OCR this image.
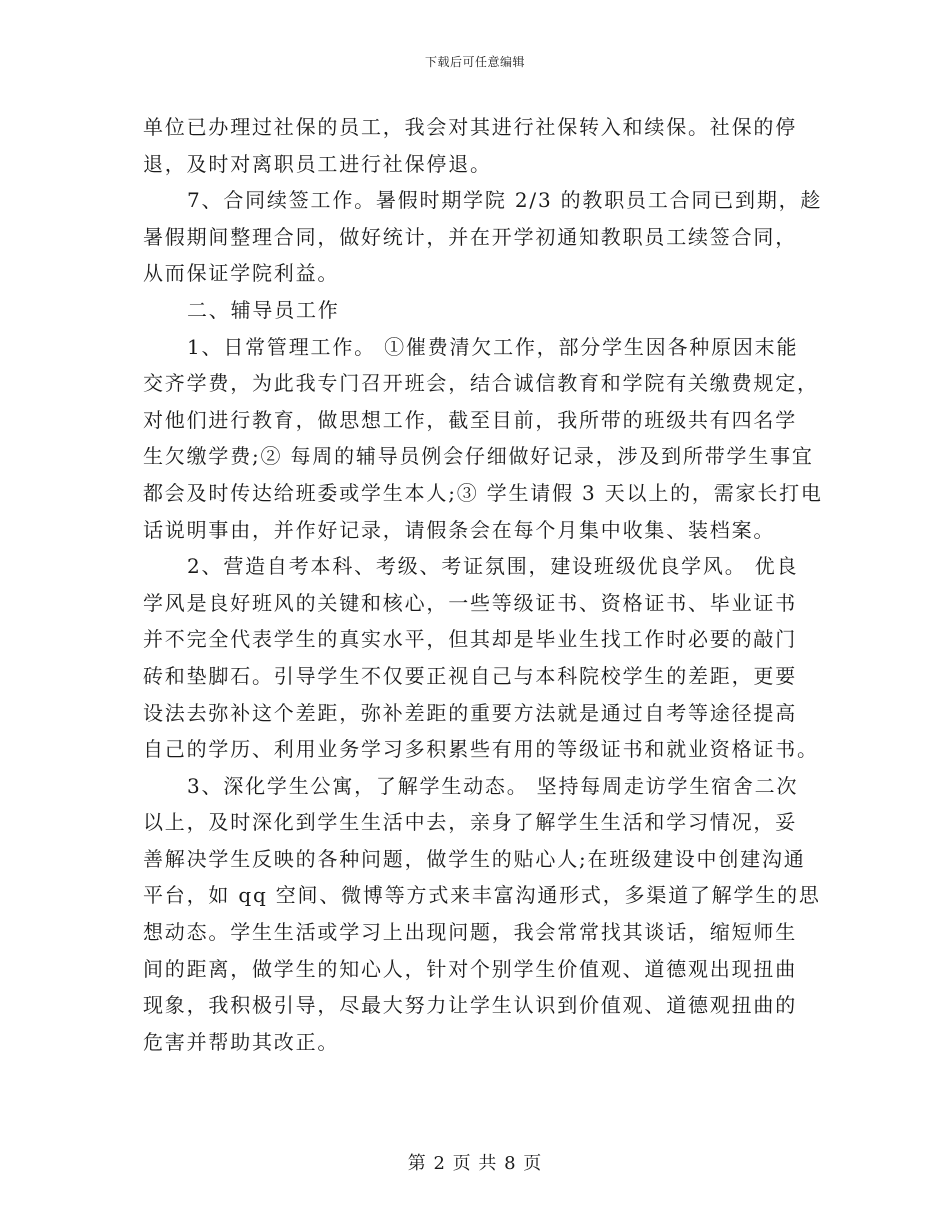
下载后可任意编辑
单位已办理过社保的员工，我会对其进行社保转入和续保。社保的停
退，及时对离职员工进行社保停退。
7、合同续签工作。暑假时期学院 2/3 的教职员工合同已到期，趁
暑假期间整理合同，做好统计，并在开学初通知教职员工续签合同，
从而保证学院利益。
二、辅导员工作
1、日常管理工作。 ①催费清欠工作，部分学生因各种原因末能
交齐学费，为此我专门召开班会，结合诚信教育和学院有关缴费规定，
对他们进行教育，做思想工作，截至目前，我所带的班级共有四名学
生欠缴学费;② 每周的辅导员例会仔细做好记录，涉及到所带学生事宜
都会及时传达给班委或学生本人;③ 学生请假 3 天以上的，需家长打电
话说明事由，并作好记录，请假条会在每个月集中收集、装档案。
2、营造自考本科、考级、考证氛围，建设班级优良学风。 优良
学风是良好班风的关键和核心，一些等级证书、资格证书、毕业证书
并不完全代表学生的真实水平，但其却是毕业生找工作时必要的敲门
砖和垫脚石。引导学生不仅要正视自己与本科院校学生的差距，更要
设法去弥补这个差距，弥补差距的重要方法就是通过自考等途径提高
自己的学历、利用业务学习多积累些有用的等级证书和就业资格证书。
3、深化学生公寓，了解学生动态。 坚持每周走访学生宿舍二次
以上，及时深化到学生生活中去，亲身了解学生生活和学习情况，妥
善解决学生反映的各种问题，做学生的贴心人;在班级建设中创建沟通
平台，如 qq 空间、微博等方式来丰富沟通形式，多渠道了解学生的思
想动态。学生生活或学习上出现问题，我会常常找其谈话，缩短师生
间的距离，做学生的知心人，针对个别学生价值观、道德观出现扭曲
现象，我积极引导，尽最大努力让学生认识到价值观、道德观扭曲的
危害并帮助其改正。
第 2 页 共 8 页
